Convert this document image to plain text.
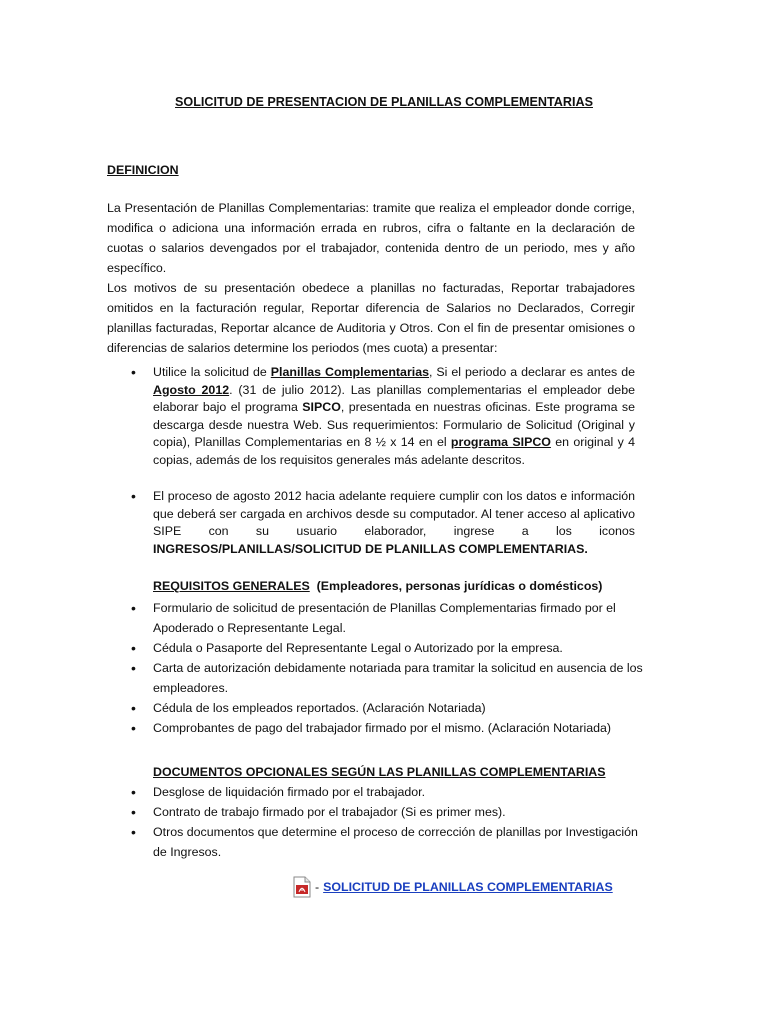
SOLICITUD DE PRESENTACION DE PLANILLAS COMPLEMENTARIAS
DEFINICION
La Presentación de Planillas Complementarias: tramite que realiza el empleador donde corrige, modifica o adiciona una información errada en rubros, cifra o faltante en la declaración de cuotas o salarios devengados por el trabajador, contenida dentro de un periodo, mes y año específico.
Los motivos de su presentación obedece a planillas no facturadas, Reportar trabajadores omitidos en la facturación regular, Reportar diferencia de Salarios no Declarados, Corregir planillas facturadas, Reportar alcance de Auditoria y Otros. Con el fin de presentar omisiones o diferencias de salarios determine los periodos (mes cuota) a presentar:
• Utilice la solicitud de Planillas Complementarias, Si el periodo a declarar es antes de Agosto 2012. (31 de julio 2012). Las planillas complementarias el empleador debe elaborar bajo el programa SIPCO, presentada en nuestras oficinas. Este programa se descarga desde nuestra Web. Sus requerimientos: Formulario de Solicitud (Original y copia), Planillas Complementarias en 8 ½ x 14 en el programa SIPCO en original y 4 copias, además de los requisitos generales más adelante descritos.
• El proceso de agosto 2012 hacia adelante requiere cumplir con los datos e información que deberá ser cargada en archivos desde su computador. Al tener acceso al aplicativo SIPE con su usuario elaborador, ingrese a los iconos INGRESOS/PLANILLAS/SOLICITUD DE PLANILLAS COMPLEMENTARIAS.
REQUISITOS GENERALES (Empleadores, personas jurídicas o domésticos)
• Formulario de solicitud de presentación de Planillas Complementarias firmado por el Apoderado o Representante Legal.
• Cédula o Pasaporte del Representante Legal o Autorizado por la empresa.
• Carta de autorización debidamente notariada para tramitar la solicitud en ausencia de los empleadores.
• Cédula de los empleados reportados. (Aclaración Notariada)
• Comprobantes de pago del trabajador firmado por el mismo. (Aclaración Notariada)
DOCUMENTOS OPCIONALES SEGÚN LAS PLANILLAS COMPLEMENTARIAS
• Desglose de liquidación firmado por el trabajador.
• Contrato de trabajo firmado por el trabajador (Si es primer mes).
• Otros documentos que determine el proceso de corrección de planillas por Investigación de Ingresos.
- SOLICITUD DE PLANILLAS COMPLEMENTARIAS
